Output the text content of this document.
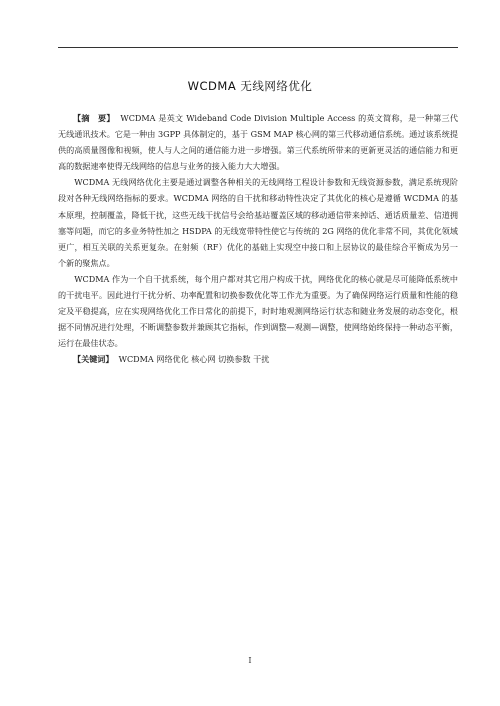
WCDMA 无线网络优化

【摘　要】 WCDMA 是英文 Wideband Code Division Multiple Access 的英文简称，是一种第三代无线通讯技术。它是一种由 3GPP 具体制定的，基于 GSM MAP 核心网的第三代移动通信系统。通过该系统提供的高质量图像和视频，使人与人之间的通信能力进一步增强。第三代系统所带来的更新更灵活的通信能力和更高的数据速率使得无线网络的信息与业务的接入能力大大增强。

WCDMA 无线网络优化主要是通过调整各种相关的无线网络工程设计参数和无线资源参数，满足系统现阶段对各种无线网络指标的要求。WCDMA 网络的自干扰和移动特性决定了其优化的核心是遵循 WCDMA 的基本原理，控制覆盖，降低干扰，这些无线干扰信号会给基站覆盖区域的移动通信带来掉话、通话质量差、信道拥塞等问题，而它的多业务特性加之 HSDPA 的无线宽带特性使它与传统的 2G 网络的优化非常不同，其优化领域更广，相互关联的关系更复杂。在射频（RF）优化的基础上实现空中接口和上层协议的最佳综合平衡成为另一个新的聚焦点。

WCDMA 作为一个自干扰系统，每个用户都对其它用户构成干扰，网络优化的核心就是尽可能降低系统中的干扰电平。因此进行干扰分析、功率配置和切换参数优化等工作尤为重要。为了确保网络运行质量和性能的稳定及平稳提高，应在实现网络优化工作日常化的前提下，时时地观测网络运行状态和随业务发展的动态变化，根据不同情况进行处理，不断调整参数并兼顾其它指标，作到调整—观测—调整，使网络始终保持一种动态平衡，运行在最佳状态。

【关键词】 WCDMA 网络优化 核心网 切换参数 干扰

I
